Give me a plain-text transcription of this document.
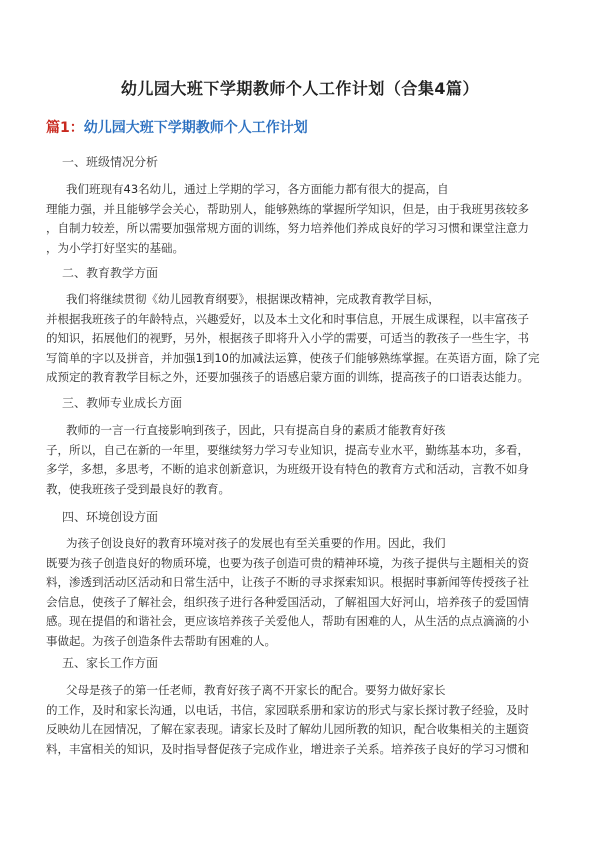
幼儿园大班下学期教师个人工作计划（合集4篇）
篇1：幼儿园大班下学期教师个人工作计划
一、班级情况分析
我们班现有43名幼儿，通过上学期的学习，各方面能力都有很大的提高，自
理能力强，并且能够学会关心，帮助别人，能够熟练的掌握所学知识，但是，由于我班男孩较多
，自制力较差，所以需要加强常规方面的训练，努力培养他们养成良好的学习习惯和课堂注意力
，为小学打好坚实的基础。
二、教育教学方面
我们将继续贯彻《幼儿园教育纲要》，根据课改精神，完成教育教学目标，
并根据我班孩子的年龄特点，兴趣爱好，以及本土文化和时事信息，开展生成课程，以丰富孩子
的知识，拓展他们的视野，另外，根据孩子即将升入小学的需要，可适当的教孩子一些生字，书
写简单的字以及拼音，并加强1到10的加减法运算，使孩子们能够熟练掌握。在英语方面，除了完
成预定的教育教学目标之外，还要加强孩子的语感启蒙方面的训练，提高孩子的口语表达能力。
三、教师专业成长方面
教师的一言一行直接影响到孩子，因此，只有提高自身的素质才能教育好孩
子，所以，自己在新的一年里，要继续努力学习专业知识，提高专业水平，勤练基本功，多看，
多学，多想，多思考，不断的追求创新意识，为班级开设有特色的教育方式和活动，言教不如身
教，使我班孩子受到最良好的教育。
四、环境创设方面
为孩子创设良好的教育环境对孩子的发展也有至关重要的作用。因此，我们
既要为孩子创造良好的物质环境，也要为孩子创造可贵的精神环境，为孩子提供与主题相关的资
料，渗透到活动区活动和日常生活中，让孩子不断的寻求探索知识。根据时事新闻等传授孩子社
会信息，使孩子了解社会，组织孩子进行各种爱国活动，了解祖国大好河山，培养孩子的爱国情
感。现在提倡的和谐社会，更应该培养孩子关爱他人，帮助有困难的人，从生活的点点滴滴的小
事做起。为孩子创造条件去帮助有困难的人。
五、家长工作方面
父母是孩子的第一任老师，教育好孩子离不开家长的配合。要努力做好家长
的工作，及时和家长沟通，以电话，书信，家园联系册和家访的形式与家长探讨教子经验，及时
反映幼儿在园情况，了解在家表现。请家长及时了解幼儿园所教的知识，配合收集相关的主题资
料，丰富相关的知识，及时指导督促孩子完成作业，增进亲子关系。培养孩子良好的学习习惯和
